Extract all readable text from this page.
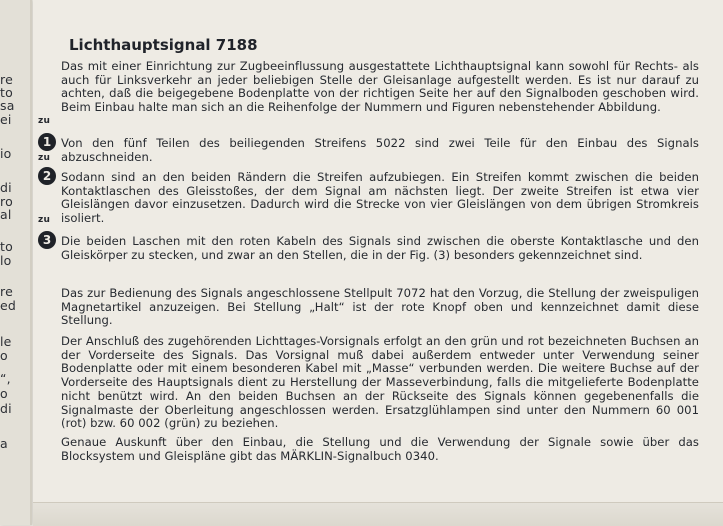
re
to
sa
ei
io
di
ro
al
to
lo
re
ed
le
o
“,
o
di
a
Lichthauptsignal 7188
Das mit einer Einrichtung zur Zugbeeinflussung ausgestattete Lichthauptsignal kann sowohl für Rechts- als auch für Linksverkehr an jeder beliebigen Stelle der Gleisanlage aufgestellt werden. Es ist nur darauf zu achten, daß die beigegebene Bodenplatte von der richtigen Seite her auf den Signalboden geschoben wird. Beim Einbau halte man sich an die Reihenfolge der Nummern und Figuren nebenstehender Abbildung.
zu
1 Von den fünf Teilen des beiliegenden Streifens 5022 sind zwei Teile für den Einbau des Signals abzuschneiden.
zu
2 Sodann sind an den beiden Rändern die Streifen aufzubiegen. Ein Streifen kommt zwischen die beiden Kontaktlaschen des Gleisstoßes, der dem Signal am nächsten liegt. Der zweite Streifen ist etwa vier Gleislängen davor einzusetzen. Dadurch wird die Strecke von vier Gleislängen von dem übrigen Stromkreis isoliert.
zu
3 Die beiden Laschen mit den roten Kabeln des Signals sind zwischen die oberste Kontaktlasche und den Gleiskörper zu stecken, und zwar an den Stellen, die in der Fig. (3) besonders gekennzeichnet sind.
Das zur Bedienung des Signals angeschlossene Stellpult 7072 hat den Vorzug, die Stellung der zweispuligen Magnetartikel anzuzeigen. Bei Stellung „Halt“ ist der rote Knopf oben und kennzeichnet damit diese Stellung.
Der Anschluß des zugehörenden Lichttages-Vorsignals erfolgt an den grün und rot bezeichneten Buchsen an der Vorderseite des Signals. Das Vorsignal muß dabei außerdem entweder unter Verwendung seiner Bodenplatte oder mit einem besonderen Kabel mit „Masse“ verbunden werden. Die weitere Buchse auf der Vorderseite des Hauptsignals dient zu Herstellung der Masseverbindung, falls die mitgelieferte Bodenplatte nicht benützt wird. An den beiden Buchsen an der Rückseite des Signals können gegebenenfalls die Signalmaste der Oberleitung angeschlossen werden. Ersatzglühlampen sind unter den Nummern 60 001 (rot) bzw. 60 002 (grün) zu beziehen.
Genaue Auskunft über den Einbau, die Stellung und die Verwendung der Signale sowie über das Blocksystem und Gleispläne gibt das MÄRKLIN-Signalbuch 0340.
